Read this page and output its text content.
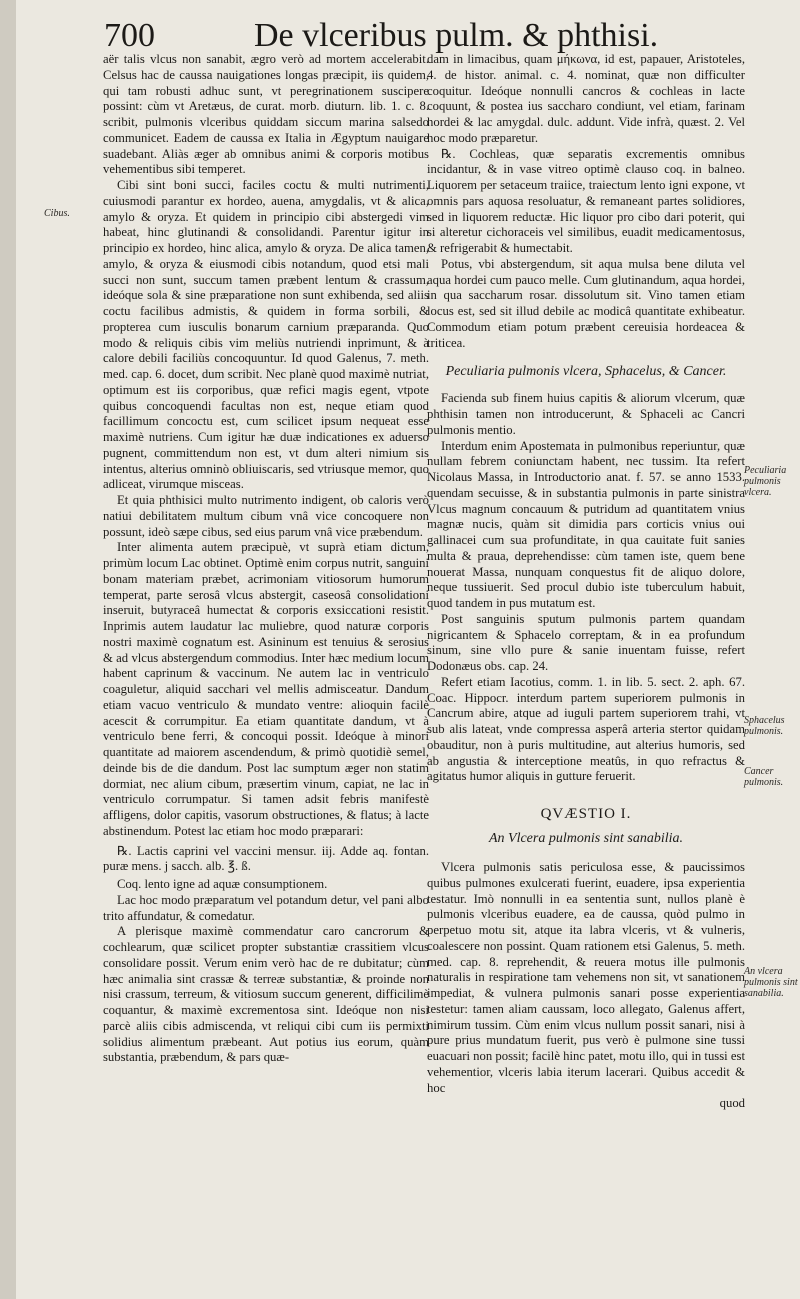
700	De vlceribus pulm. & phthisi.
Cibus.
Peculiaria pulmonis vlcera.
Sphacelus pulmonis.
Cancer pulmonis.
An vlcera pulmonis sint sanabilia.

aër talis vlcus non sanabit, ægro verò ad mortem accelerabit. Celsus hac de caussa nauigationes longas præcipit, iis quidem, qui tam robusti adhuc sunt, vt peregrinationem suscipere possint: cùm vt Aretæus, de curat. morb. diuturn. lib. 1. c. 8. scribit, pulmonis vlceribus quiddam siccum marina salsedo communicet. Eadem de caussa ex Italia in Ægyptum nauigare suadebant. Aliàs æger ab omnibus animi & corporis motibus vehementibus sibi temperet.

Cibi sint boni succi, faciles coctu & multi nutrimenti, cuiusmodi parantur ex hordeo, auena, amygdalis, vt & alica, amylo & oryza. Et quidem in principio cibi abstergedi vim habeat, hinc glutinandi & consolidandi. Parentur igitur in principio ex hordeo, hinc alica, amylo & oryza. De alica tamen, amylo, & oryza & eiusmodi cibis notandum, quod etsi mali succi non sunt, succum tamen præbent lentum & crassum, ideóque sola & sine præparatione non sunt exhibenda, sed aliis coctu facilibus admistis, & quidem in forma sorbili, & propterea cum iusculis bonarum carnium præparanda. Quo modo & reliquis cibis vim meliùs nutriendi inprimunt, & à calore debili faciliùs concoquuntur. Id quod Galenus, 7. meth. med. cap. 6. docet, dum scribit. Nec planè quod maximè nutriat, optimum est iis corporibus, quæ refici magis egent, vtpote quibus concoquendi facultas non est, neque etiam quod facillimum concoctu est, cum scilicet ipsum nequeat esse maximè nutriens. Cum igitur hæ duæ indicationes ex aduerso pugnent, committendum non est, vt dum alteri nimium sis intentus, alterius omninò obliuiscaris, sed vtriusque memor, quo adliceat, virumque misceas.

Et quia phthisici multo nutrimento indigent, ob caloris verò natiui debilitatem multum cibum vnâ vice concoquere non possunt, ideò sæpe cibus, sed eius parum vnâ vice præbendum.

Inter alimenta autem præcipuè, vt suprà etiam dictum, primùm locum Lac obtinet. Optimè enim corpus nutrit, sanguini bonam materiam præbet, acrimoniam vitiosorum humorum temperat, parte serosâ vlcus abstergit, caseosâ consolidationi inseruit, butyraceâ humectat & corporis exsiccationi resistit. Inprimis autem laudatur lac muliebre, quod naturæ corporis nostri maximè cognatum est. Asininum est tenuius & serosius & ad vlcus abstergendum commodius. Inter hæc medium locum habent caprinum & vaccinum. Ne autem lac in ventriculo coaguletur, aliquid sacchari vel mellis admisceatur. Dandum etiam vacuo ventriculo & mundato ventre: alioquin facilè acescit & corrumpitur. Ea etiam quantitate dandum, vt à ventriculo bene ferri, & concoqui possit. Ideóque à minori quantitate ad maiorem ascendendum, & primò quotidiè semel, deinde bis de die dandum. Post lac sumptum æger non statim dormiat, nec alium cibum, præsertim vinum, capiat, ne lac in ventriculo corrumpatur. Si tamen adsit febris manifestè affligens, dolor capitis, vasorum obstructiones, & flatus; à lacte abstinendum. Potest lac etiam hoc modo præparari:

℞. Lactis caprini vel vaccini mensur. iij. Adde aq. fontan. puræ mens. j sacch. alb. ℥. ß.

Coq. lento igne ad aquæ consumptionem.

Lac hoc modo præparatum vel potandum detur, vel pani albo trito affundatur, & comedatur.

A plerisque maximè commendatur caro cancrorum & cochlearum, quæ scilicet propter substantiæ crassitiem vlcus consolidare possit. Verum enim verò hac de re dubitatur; cùm hæc animalia sint crassæ & terreæ substantiæ, & proinde non nisi crassum, terreum, & vitiosum succum generent, difficilimè coquantur, & maximè excrementosa sint. Ideóque non nisi parcè aliis cibis admiscenda, vt reliqui cibi cum iis permixti solidius alimentum præbeant. Aut potius ius eorum, quàm substantia, præbendum, & pars quæ-

dam in limacibus, quam μήκωνα, id est, papauer, Aristoteles, 4. de histor. animal. c. 4. nominat, quæ non difficulter coquitur. Ideóque nonnulli cancros & cochleas in lacte coquunt, & postea ius saccharo condiunt, vel etiam, farinam hordei & lac amygdal. dulc. addunt. Vide infrà, quæst. 2. Vel hoc modo præparetur.

℞. Cochleas, quæ separatis excrementis omnibus incidantur, & in vase vitreo optimè clauso coq. in balneo. Liquorem per setaceum traiice, traiectum lento igni expone, vt omnis pars aquosa resoluatur, & remaneant partes solidiores, sed in liquorem reductæ. Hic liquor pro cibo dari poterit, qui si alteretur cichoraceis vel similibus, euadit medicamentosus, & refrigerabit & humectabit.

Potus, vbi abstergendum, sit aqua mulsa bene diluta vel aqua hordei cum pauco melle. Cum glutinandum, aqua hordei, in qua saccharum rosar. dissolutum sit. Vino tamen etiam locus est, sed sit illud debile ac modicâ quantitate exhibeatur. Commodum etiam potum præbent cereuisia hordeacea & triticea.

Peculiaria pulmonis vlcera, Sphacelus, & Cancer.

Facienda sub finem huius capitis & aliorum vlcerum, quæ phthisin tamen non introducerunt, & Sphaceli ac Cancri pulmonis mentio.

Interdum enim Apostemata in pulmonibus reperiuntur, quæ nullam febrem coniunctam habent, nec tussim. Ita refert Nicolaus Massa, in Introductorio anat. f. 57. se anno 1533. quendam secuisse, & in substantia pulmonis in parte sinistra Vlcus magnum concauum & putridum ad quantitatem vnius magnæ nucis, quàm sit dimidia pars corticis vnius oui gallinacei cum sua profunditate, in qua cauitate fuit sanies multa & praua, deprehendisse: cùm tamen iste, quem bene nouerat Massa, nunquam conquestus fit de aliquo dolore, neque tussiuerit. Sed procul dubio iste tuberculum habuit, quod tandem in pus mutatum est.

Post sanguinis sputum pulmonis partem quandam nigricantem & Sphacelo correptam, & in ea profundum sinum, sine vllo pure & sanie inuentam fuisse, refert Dodonæus obs. cap. 24.

Refert etiam Iacotius, comm. 1. in lib. 5. sect. 2. aph. 67. Coac. Hippocr. interdum partem superiorem pulmonis in Cancrum abire, atque ad iuguli partem superiorem trahi, vt sub alis lateat, vnde compressa asperâ arteria stertor quidam obauditur, non à puris multitudine, aut alterius humoris, sed ab angustia & interceptione meatûs, in quo refractus & agitatus humor aliquis in gutture feruerit.

QVÆSTIO I.
An Vlcera pulmonis sint sanabilia.

Vlcera pulmonis satis periculosa esse, & paucissimos quibus pulmones exulcerati fuerint, euadere, ipsa experientia testatur. Imò nonnulli in ea sententia sunt, nullos planè è pulmonis vlceribus euadere, ea de caussa, quòd pulmo in perpetuo motu sit, atque ita labra vlceris, vt & vulneris, coalescere non possint. Quam rationem etsi Galenus, 5. meth. med. cap. 8. reprehendit, & reuera motus ille pulmonis naturalis in respiratione tam vehemens non sit, vt sanationem impediat, & vulnera pulmonis sanari posse experientia testetur: tamen aliam caussam, loco allegato, Galenus affert, nimirum tussim. Cùm enim vlcus nullum possit sanari, nisi à pure prius mundatum fuerit, pus verò è pulmone sine tussi euacuari non possit; facilè hinc patet, motu illo, qui in tussi est vehementior, vlceris labia iterum lacerari. Quibus accedit & hoc

quod
